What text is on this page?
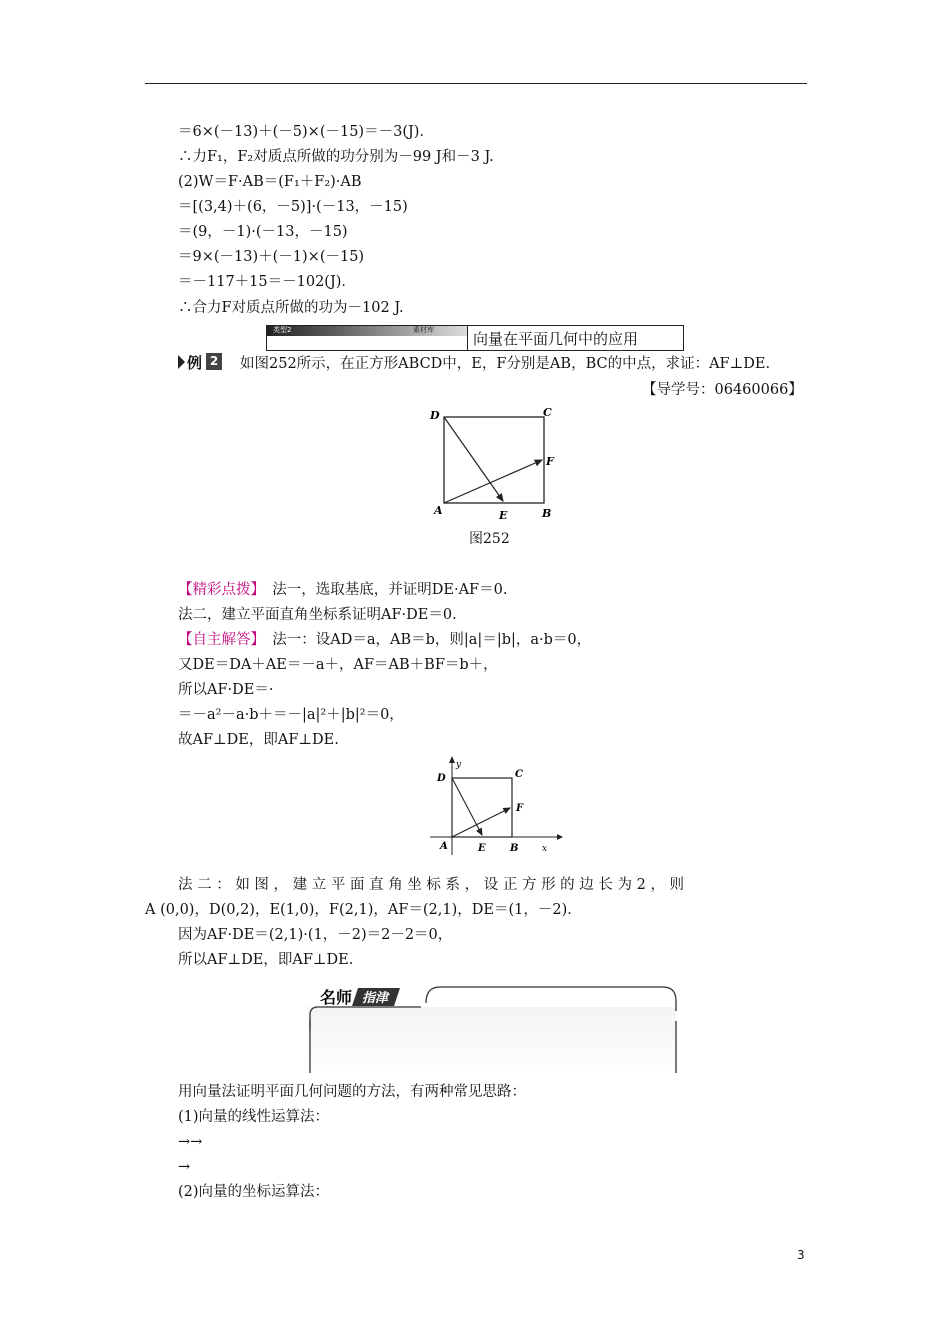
＝6×(－13)＋(－5)×(－15)＝－3(J)．
∴力F₁，F₂对质点所做的功分别为－99 J和－3 J.
(2)W＝F·AB＝(F₁＋F₂)·AB
＝[(3,4)＋(6，－5)]·(－13，－15)
＝(9，－1)·(－13，－15)
＝9×(－13)＋(－1)×(－15)
＝－117＋15＝－102(J)．
∴合力F对质点所做的功为－102 J.
类型2	素材库	向量在平面几何中的应用
例 2 如图252所示，在正方形ABCD中，E，F分别是AB，BC的中点，求证：AF⊥DE.
【导学号：06460066】
D	C
F
A	E	B
图252
【精彩点拨】　 法一，选取基底，并证明DE·AF＝0.
法二，建立平面直角坐标系证明AF·DE＝0.
【自主解答】　 法一：设AD＝a，AB＝b，则|a|＝|b|，a·b＝0，
又DE＝DA＋AE＝－a＋，AF＝AB＋BF＝b＋，
所以AF·DE＝·
＝－a²－a·b＋＝－|a|²＋|b|²＝0，
故AF⊥DE，即AF⊥DE.
D	C
F
A	E B	x
y
法 二 ： 如 图 ， 建 立 平 面 直 角 坐 标 系 ， 设 正 方 形 的 边 长 为 2 ， 则
A (0,0)，D(0,2)，E(1,0)，F(2,1)，AF＝(2,1)，DE＝(1，－2)．
因为AF·DE＝(2,1)·(1，－2)＝2－2＝0，
所以AF⊥DE，即AF⊥DE.
名师 指津
用向量法证明平面几何问题的方法，有两种常见思路：
(1)向量的线性运算法：
→→
→
(2)向量的坐标运算法：
3
